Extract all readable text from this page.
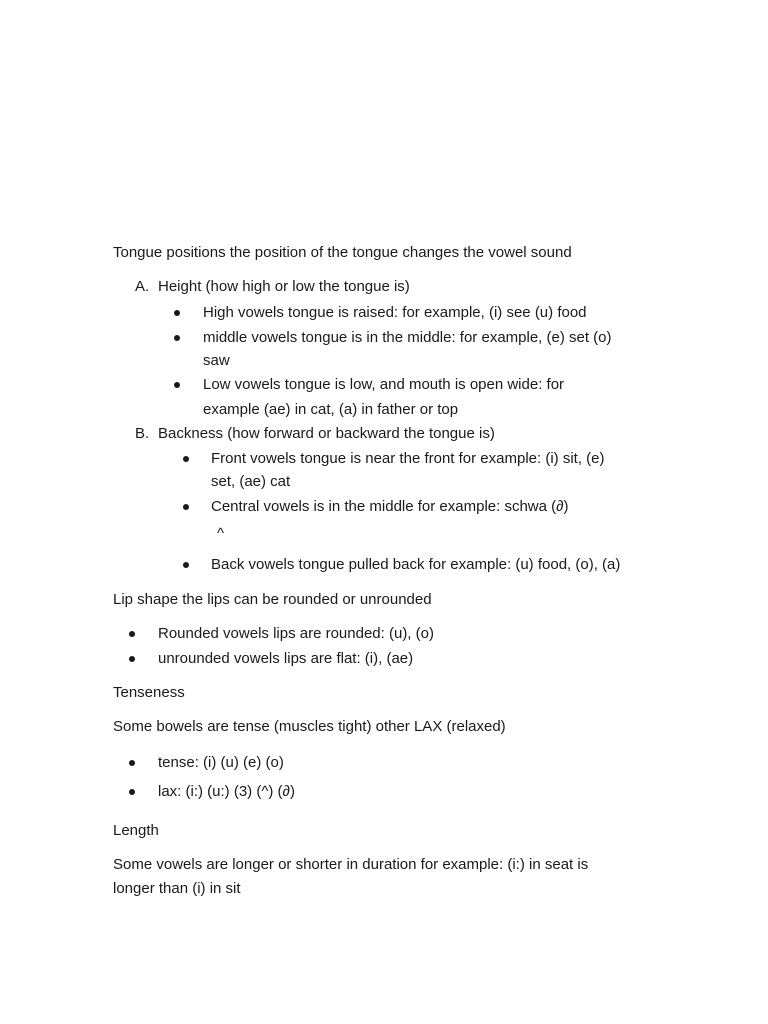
Tongue positions the position of the tongue changes the vowel sound
A. Height (how high or low the tongue is)
High vowels tongue is raised: for example, (i) see (u) food
middle vowels tongue is in the middle: for example, (e) set (o)
saw
Low vowels tongue is low, and mouth is open wide: for
example (ae) in cat, (a) in father or top
B. Backness (how forward or backward the tongue is)
Front vowels tongue is near the front for example: (i) sit, (e)
set, (ae) cat
Central vowels is in the middle for example: schwa (∂)
^
Back vowels tongue pulled back for example: (u) food, (o), (a)
Lip shape the lips can be rounded or unrounded
Rounded vowels lips are rounded: (u), (o)
unrounded vowels lips are flat: (i), (ae)
Tenseness
Some bowels are tense (muscles tight) other LAX (relaxed)
tense: (i) (u) (e) (o)
lax: (i:) (u:) (3) (^) (∂)
Length
Some vowels are longer or shorter in duration for example: (i:) in seat is
longer than (i) in sit
